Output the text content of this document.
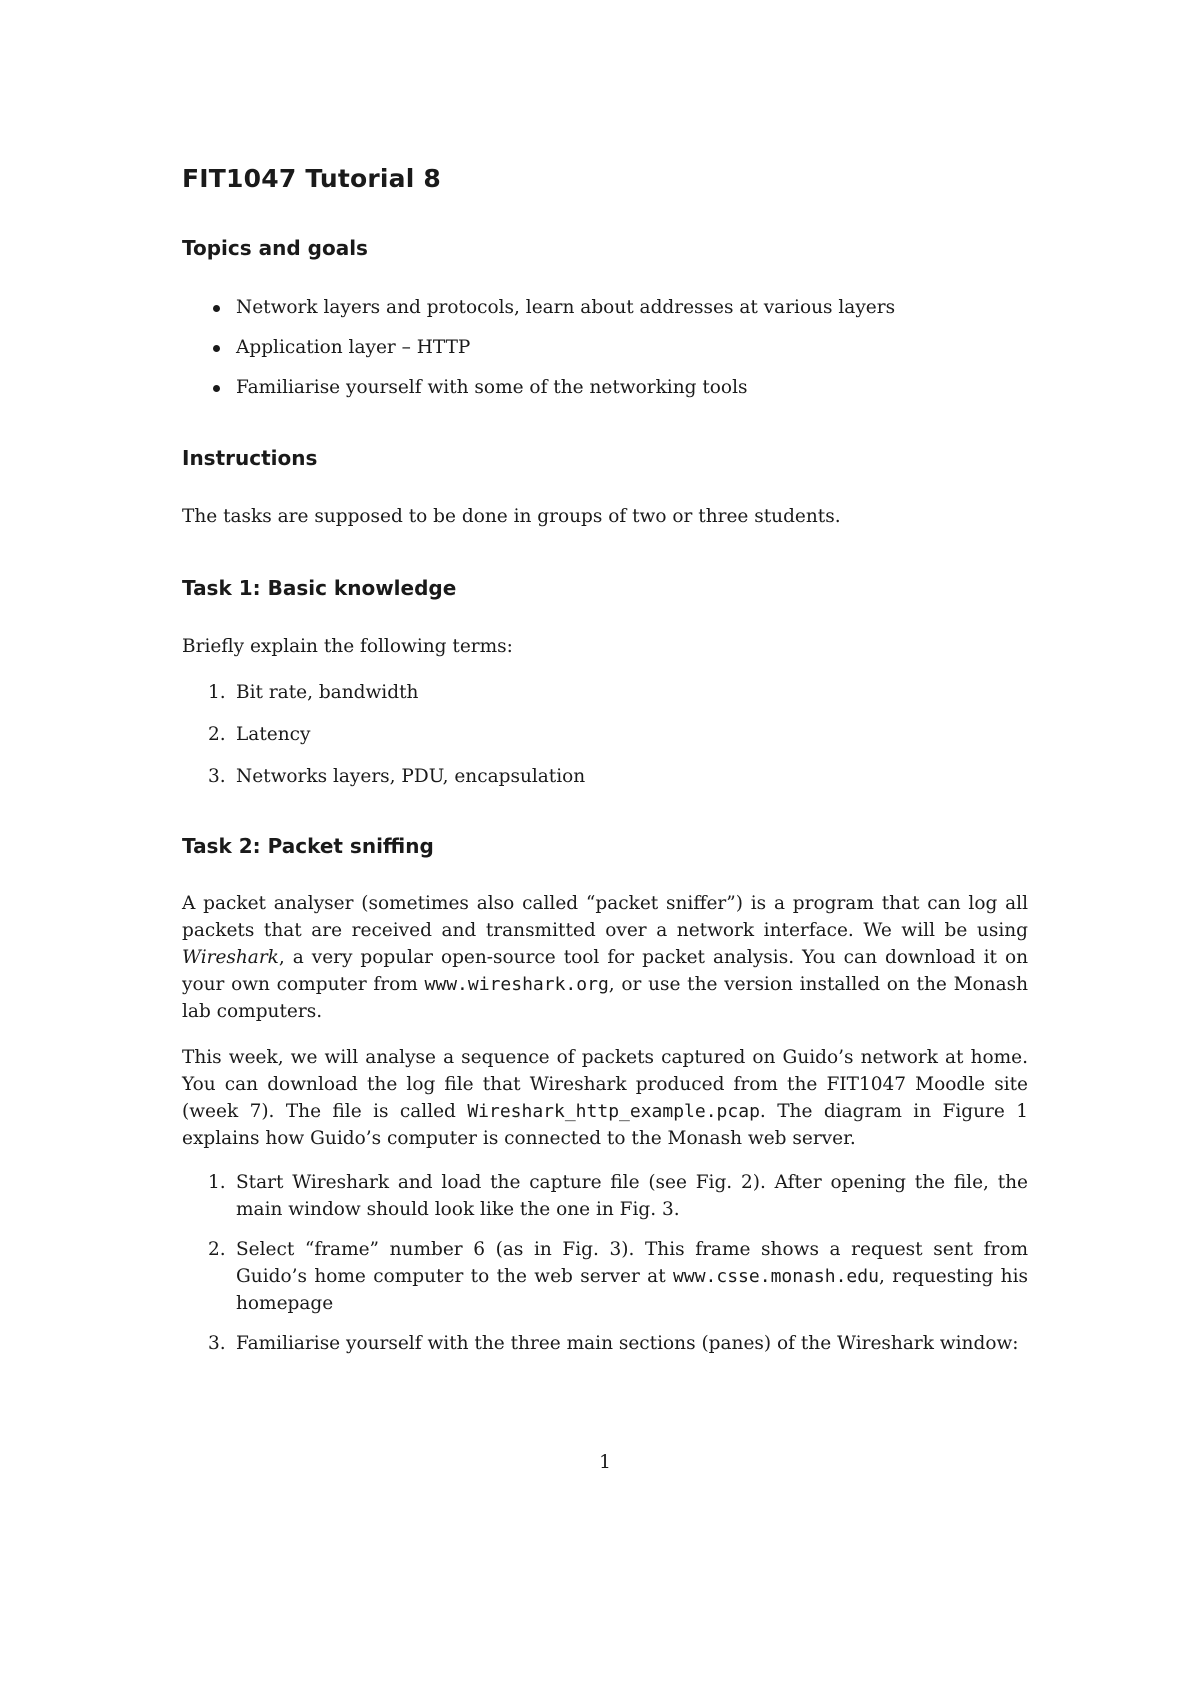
FIT1047 Tutorial 8
Topics and goals
Network layers and protocols, learn about addresses at various layers
Application layer – HTTP
Familiarise yourself with some of the networking tools
Instructions

The tasks are supposed to be done in groups of two or three students.

Task 1: Basic knowledge

Briefly explain the following terms:

1. Bit rate, bandwidth
2. Latency
3. Networks layers, PDU, encapsulation
Task 2: Packet sniffing

A packet analyser (sometimes also called “packet sniffer”) is a program that can log all packets that are received and transmitted over a network interface. We will be using Wireshark, a very popular open-source tool for packet analysis. You can download it on your own computer from www.wireshark.org, or use the version installed on the Monash lab computers.

This week, we will analyse a sequence of packets captured on Guido’s network at home. You can download the log file that Wireshark produced from the FIT1047 Moodle site (week 7). The file is called Wireshark_http_example.pcap. The diagram in Figure 1 explains how Guido’s computer is connected to the Monash web server.

1. Start Wireshark and load the capture file (see Fig. 2). After opening the file, the main window should look like the one in Fig. 3.
2. Select “frame” number 6 (as in Fig. 3). This frame shows a request sent from Guido’s home computer to the web server at www.csse.monash.edu, requesting his homepage
3. Familiarise yourself with the three main sections (panes) of the Wireshark window:
1
